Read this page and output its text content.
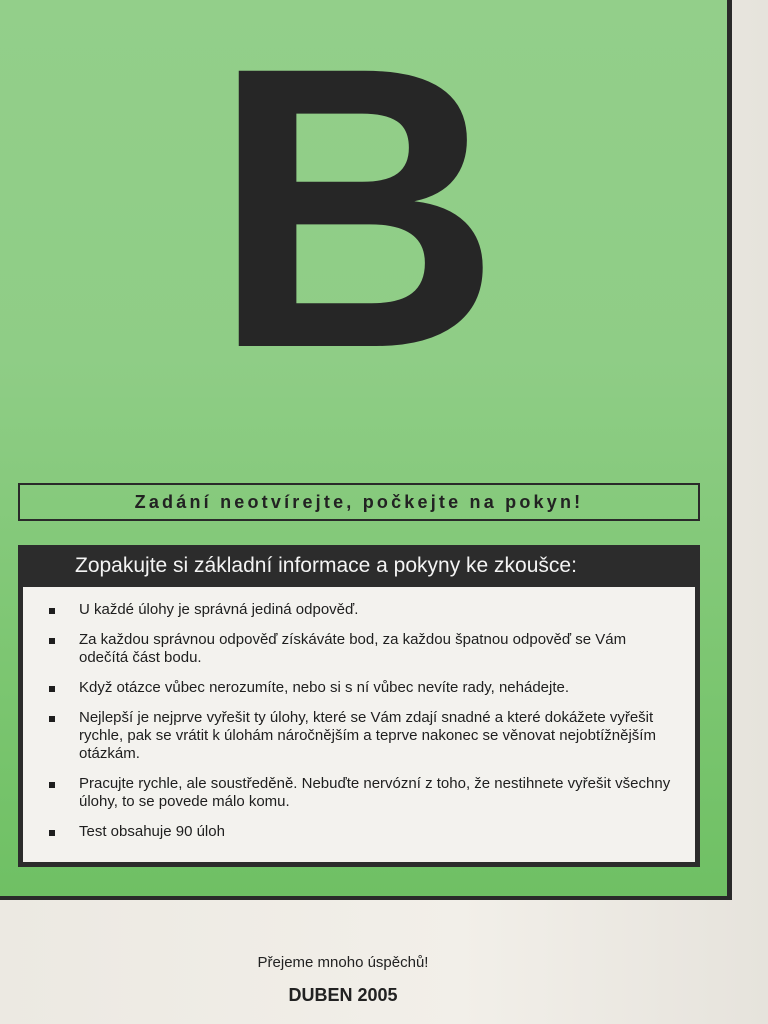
B
Zadání neotvírejte, počkejte na pokyn!
Zopakujte si základní informace a pokyny ke zkoušce:
U každé úlohy je správná jediná odpověď.
Za každou správnou odpověď získáváte bod, za každou špatnou odpověď se Vám odečítá část bodu.
Když otázce vůbec nerozumíte, nebo si s ní vůbec nevíte rady, nehádejte.
Nejlepší je nejprve vyřešit ty úlohy, které se Vám zdají snadné a které dokážete vyřešit rychle, pak se vrátit k úlohám náročnějším a teprve nakonec se věnovat nejobtížnějším otázkám.
Pracujte rychle, ale soustředěně. Nebuďte nervózní z toho, že nestihnete vyřešit všechny úlohy, to se povede málo komu.
Test obsahuje 90 úloh
Přejeme mnoho úspěchů!
DUBEN 2005
